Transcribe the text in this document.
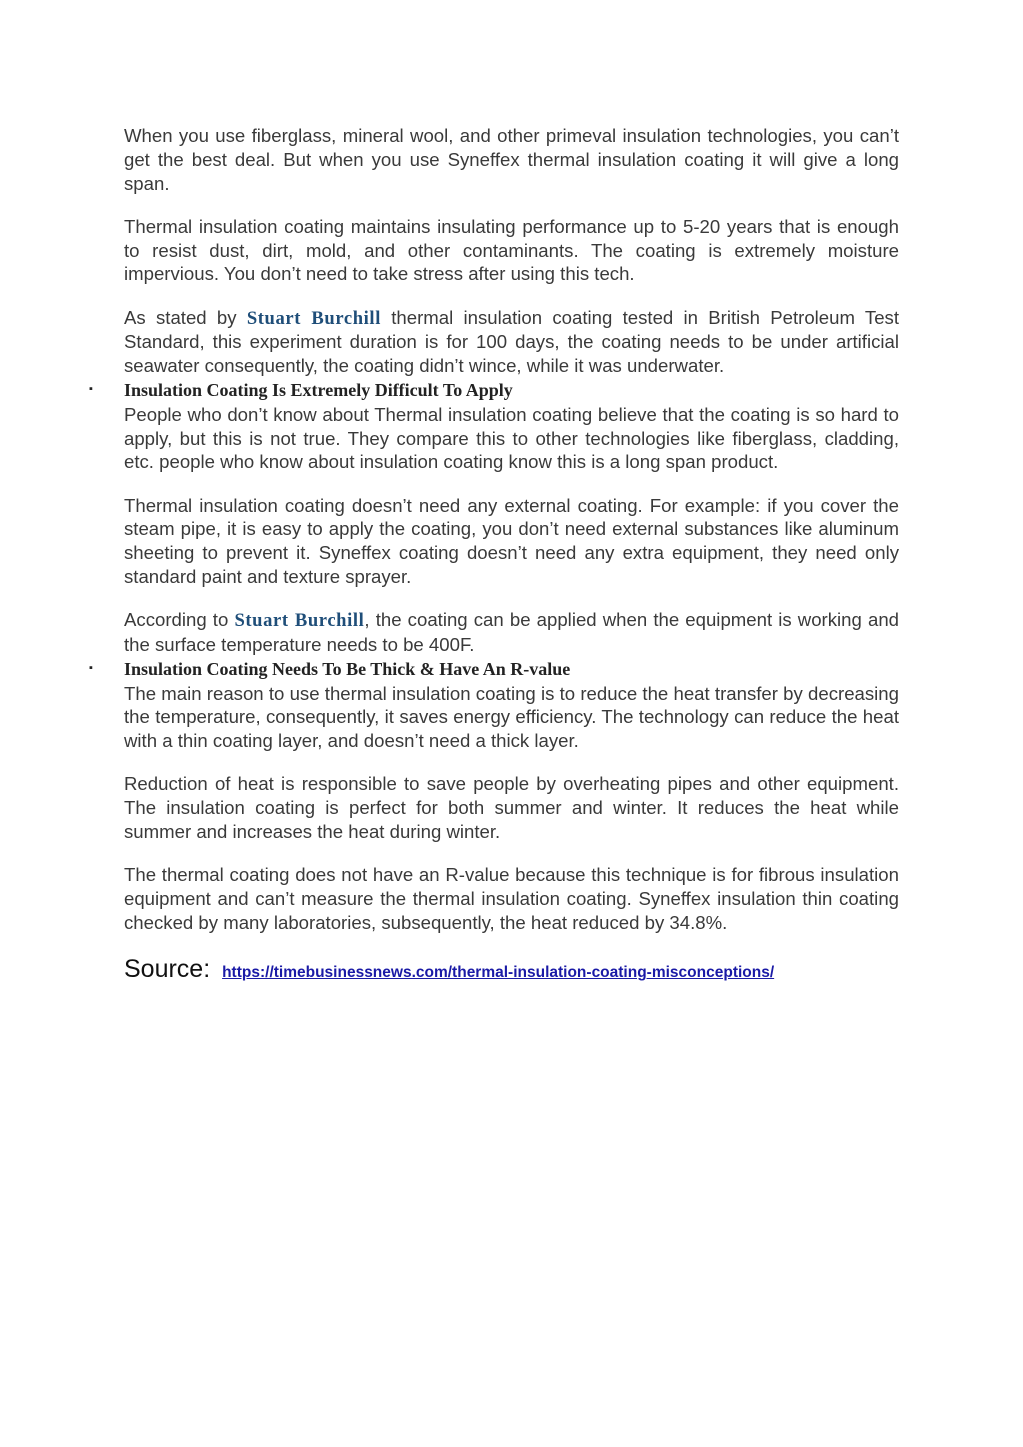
When you use fiberglass, mineral wool, and other primeval insulation technologies, you can’t get the best deal. But when you use Syneffex thermal insulation coating it will give a long span.

Thermal insulation coating maintains insulating performance up to 5-20 years that is enough to resist dust, dirt, mold, and other contaminants. The coating is extremely moisture impervious. You don’t need to take stress after using this tech.

As stated by Stuart Burchill thermal insulation coating tested in British Petroleum Test Standard, this experiment duration is for 100 days, the coating needs to be under artificial seawater consequently, the coating didn’t wince, while it was underwater.

▪ Insulation Coating Is Extremely Difficult To Apply

People who don’t know about Thermal insulation coating believe that the coating is so hard to apply, but this is not true. They compare this to other technologies like fiberglass, cladding, etc. people who know about insulation coating know this is a long span product.

Thermal insulation coating doesn’t need any external coating. For example: if you cover the steam pipe, it is easy to apply the coating, you don’t need external substances like aluminum sheeting to prevent it. Syneffex coating doesn’t need any extra equipment, they need only standard paint and texture sprayer.

According to Stuart Burchill, the coating can be applied when the equipment is working and the surface temperature needs to be 400F.

▪ Insulation Coating Needs To Be Thick & Have An R-value

The main reason to use thermal insulation coating is to reduce the heat transfer by decreasing the temperature, consequently, it saves energy efficiency. The technology can reduce the heat with a thin coating layer, and doesn’t need a thick layer.

Reduction of heat is responsible to save people by overheating pipes and other equipment. The insulation coating is perfect for both summer and winter. It reduces the heat while summer and increases the heat during winter.

The thermal coating does not have an R-value because this technique is for fibrous insulation equipment and can’t measure the thermal insulation coating. Syneffex insulation thin coating checked by many laboratories, subsequently, the heat reduced by 34.8%.

Source: https://timebusinessnews.com/thermal-insulation-coating-misconceptions/
